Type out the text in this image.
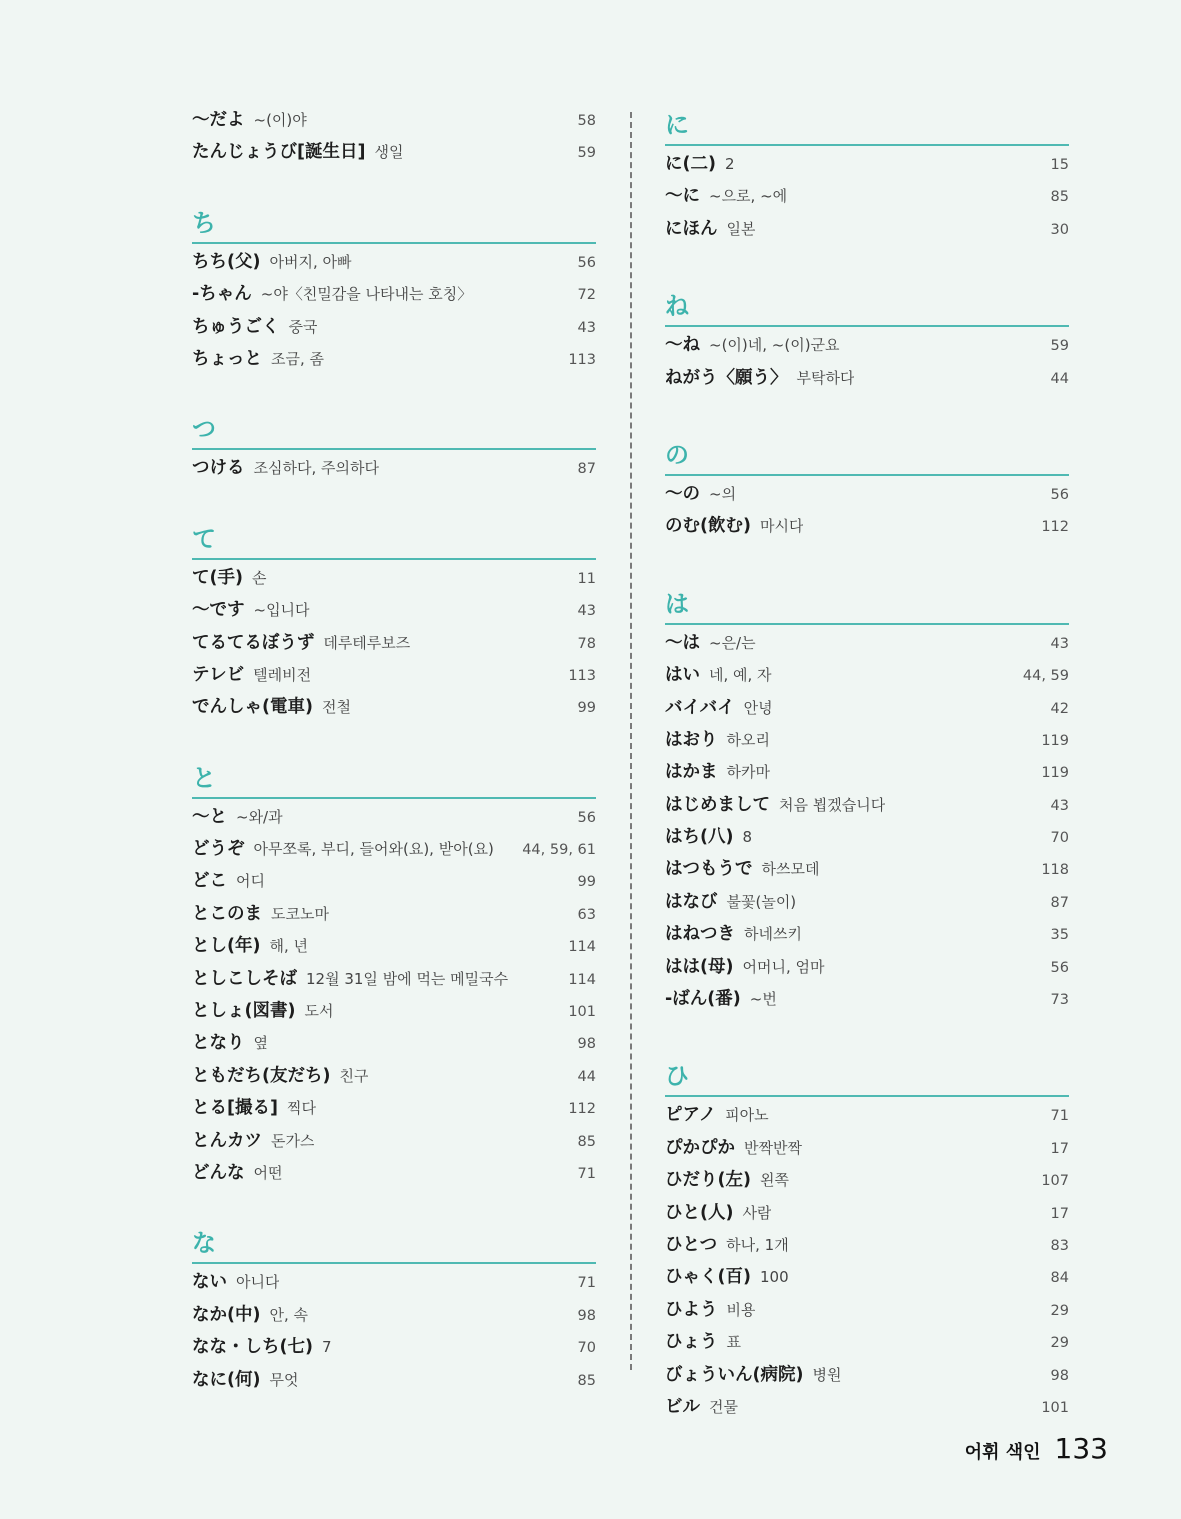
〜だよ ~(이)야	58
たんじょうび[誕生日] 생일	59
ち
ちち(父) 아버지, 아빠	56
-ちゃん ~야〈친밀감을 나타내는 호칭〉	72
ちゅうごく 중국	43
ちょっと 조금, 좀	113
つ
つける 조심하다, 주의하다	87
て
て(手) 손	11
〜です ~입니다	43
てるてるぼうず 데루테루보즈	78
テレビ 텔레비전	113
でんしゃ(電車) 전철	99
と
〜と ~와/과	56
どうぞ 아무쪼록, 부디, 들어와(요), 받아(요) 44, 59, 61
どこ 어디	99
とこのま 도코노마	63
とし(年) 해, 년	114
としこしそば 12월 31일 밤에 먹는 메밀국수	114
としょ(図書) 도서	101
となり 옆	98
ともだち(友だち) 친구	44
とる[撮る] 찍다	112
とんカツ 돈가스	85
どんな 어떤	71
な
ない 아니다	71
なか(中) 안, 속	98
なな・しち(七) 7	70
なに(何) 무엇	85
に
に(二) 2	15
〜に ~으로, ~에	85
にほん 일본	30
ね
〜ね ~(이)네, ~(이)군요	59
ねがう〈願う〉 부탁하다	44
の
〜の ~의	56
のむ(飲む) 마시다	112
は
〜は ~은/는	43
はい 네, 예, 자	44, 59
バイバイ 안녕	42
はおり 하오리	119
はかま 하카마	119
はじめまして 처음 뵙겠습니다	43
はち(八) 8	70
はつもうで 하쓰모데	118
はなび 불꽃(놀이)	87
はねつき 하네쓰키	35
はは(母) 어머니, 엄마	56
-ばん(番) ~번	73
ひ
ピアノ 피아노	71
ぴかぴか 반짝반짝	17
ひだり(左) 왼쪽	107
ひと(人) 사람	17
ひとつ 하나, 1개	83
ひゃく(百) 100	84
ひよう 비용	29
ひょう 표	29
びょういん(病院) 병원	98
ビル 건물	101
어휘 색인 133
